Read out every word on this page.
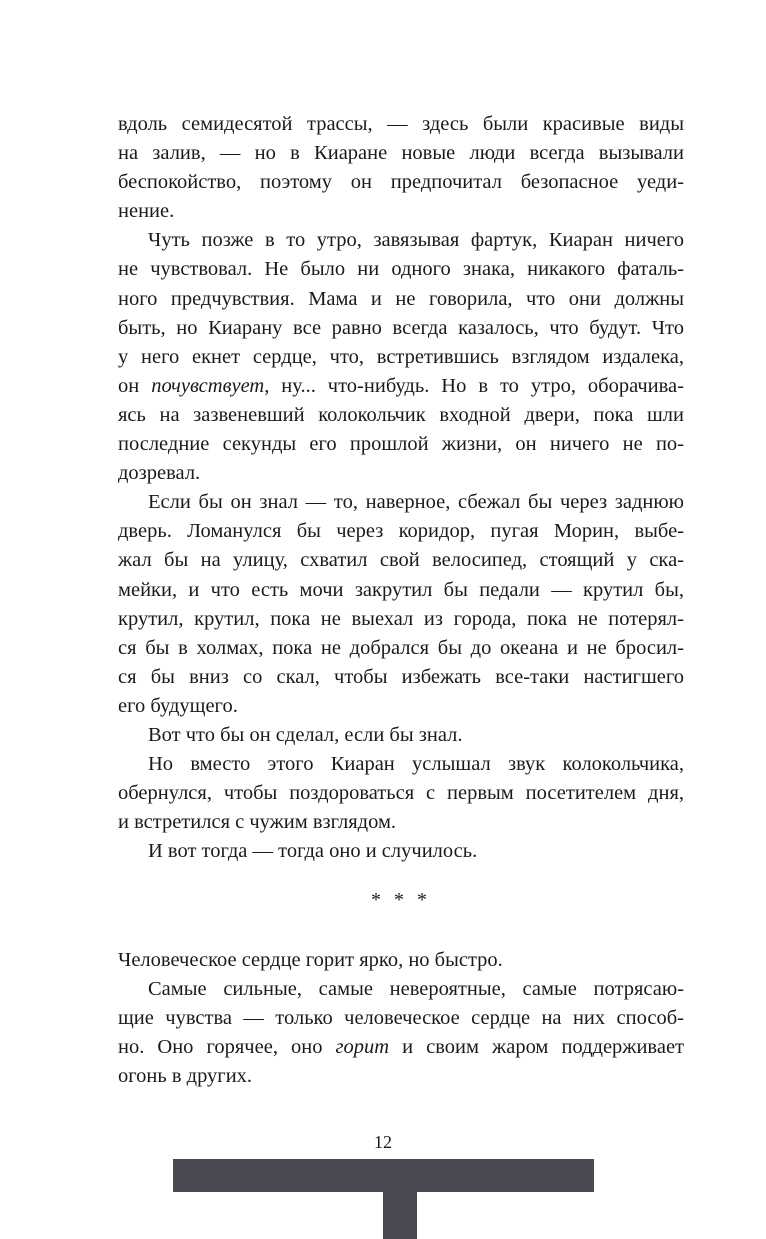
вдоль семидесятой трассы, — здесь были красивые виды
на залив, — но в Киаране новые люди всегда вызывали
беспокойство, поэтому он предпочитал безопасное уеди-
нение.
Чуть позже в то утро, завязывая фартук, Киаран ничего
не чувствовал. Не было ни одного знака, никакого фаталь-
ного предчувствия. Мама и не говорила, что они должны
быть, но Киарану все равно всегда казалось, что будут. Что
у него екнет сердце, что, встретившись взглядом издалека,
он почувствует, ну... что-нибудь. Но в то утро, оборачива-
ясь на зазвеневший колокольчик входной двери, пока шли
последние секунды его прошлой жизни, он ничего не по-
дозревал.
Если бы он знал — то, наверное, сбежал бы через заднюю
дверь. Ломанулся бы через коридор, пугая Морин, выбе-
жал бы на улицу, схватил свой велосипед, стоящий у ска-
мейки, и что есть мочи закрутил бы педали — крутил бы,
крутил, крутил, пока не выехал из города, пока не потерял-
ся бы в холмах, пока не добрался бы до океана и не бросил-
ся бы вниз со скал, чтобы избежать все-таки настигшего
его будущего.
Вот что бы он сделал, если бы знал.
Но вместо этого Киаран услышал звук колокольчика,
обернулся, чтобы поздороваться с первым посетителем дня,
и встретился с чужим взглядом.
И вот тогда — тогда оно и случилось.
* * *
Человеческое сердце горит ярко, но быстро.
Самые сильные, самые невероятные, самые потрясаю-
щие чувства — только человеческое сердце на них способ-
но. Оно горячее, оно горит и своим жаром поддерживает
огонь в других.
12
